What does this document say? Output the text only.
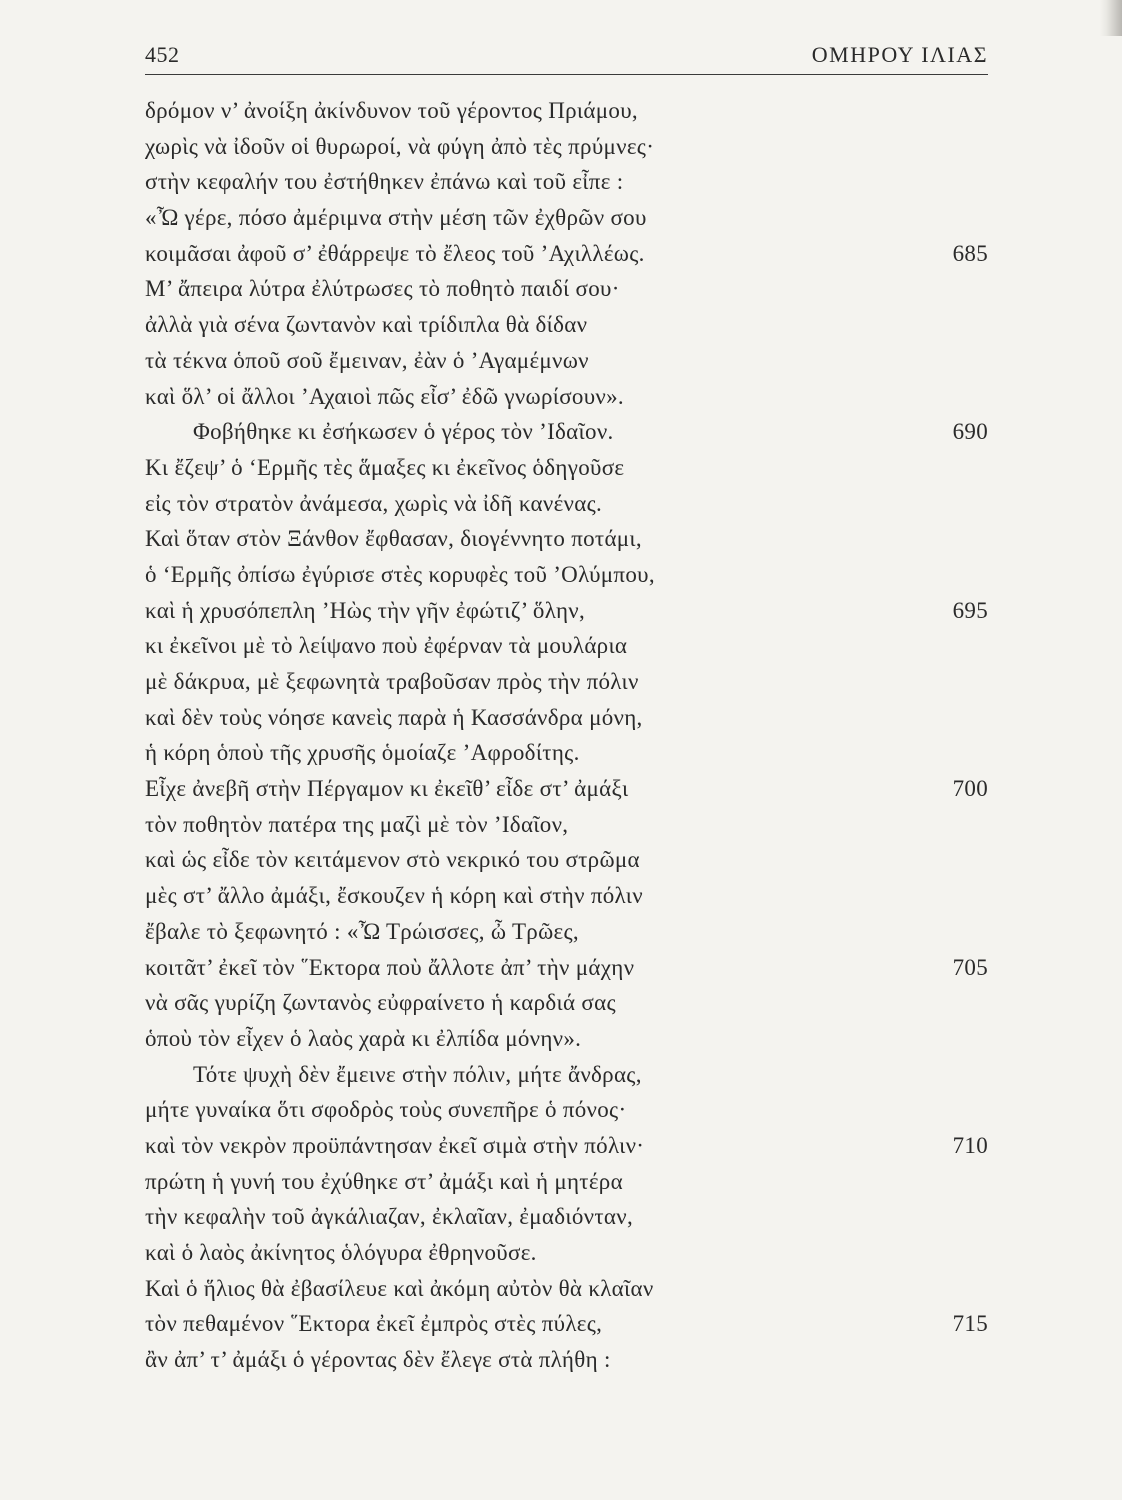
452	ΟΜΗΡΟΥ ΙΛΙΑΣ
δρόμον ν’ ἀνοίξη ἀκίνδυνον τοῦ γέροντος Πριάμου,
χωρὶς νὰ ἰδοῦν οἱ θυρωροί, νὰ φύγη ἀπὸ τὲς πρύμνες·
στὴν κεφαλήν του ἐστήθηκεν ἐπάνω καὶ τοῦ εἶπε :
«Ὦ γέρε, πόσο ἀμέριμνα στὴν μέση τῶν ἐχθρῶν σου
κοιμᾶσαι ἀφοῦ σ’ ἐθάρρεψε τὸ ἔλεος τοῦ ’Αχιλλέως.	685
Μ’ ἄπειρα λύτρα ἐλύτρωσες τὸ ποθητὸ παιδί σου·
ἀλλὰ γιὰ σένα ζωντανὸν καὶ τρίδιπλα θὰ δίδαν
τὰ τέκνα ὁποῦ σοῦ ἔμειναν, ἐὰν ὁ ’Αγαμέμνων
καὶ ὅλ’ οἱ ἄλλοι ’Αχαιοὶ πῶς εἶσ’ ἐδῶ γνωρίσουν».
Φοβήθηκε κι ἐσήκωσεν ὁ γέρος τὸν ’Ιδαῖον.	690
Κι ἔζεψ’ ὁ ‘Ερμῆς τὲς ἅμαξες κι ἐκεῖνος ὁδηγοῦσε
εἰς τὸν στρατὸν ἀνάμεσα, χωρὶς νὰ ἰδῆ κανένας.
Καὶ ὅταν στὸν Ξάνθον ἔφθασαν, διογέννητο ποτάμι,
ὁ ‘Ερμῆς ὀπίσω ἐγύρισε στὲς κορυφὲς τοῦ ’Ολύμπου,
καὶ ἡ χρυσόπεπλη ’Ηὼς τὴν γῆν ἐφώτιζ’ ὅλην,	695
κι ἐκεῖνοι μὲ τὸ λείψανο ποὺ ἐφέρναν τὰ μουλάρια
μὲ δάκρυα, μὲ ξεφωνητὰ τραβοῦσαν πρὸς τὴν πόλιν
καὶ δὲν τοὺς νόησε κανεὶς παρὰ ἡ Κασσάνδρα μόνη,
ἡ κόρη ὁποὺ τῆς χρυσῆς ὁμοίαζε ’Αφροδίτης.
Εἶχε ἀνεβῆ στὴν Πέργαμον κι ἐκεῖθ’ εἶδε στ’ ἀμάξι	700
τὸν ποθητὸν πατέρα της μαζὶ μὲ τὸν ’Ιδαῖον,
καὶ ὡς εἶδε τὸν κειτάμενον στὸ νεκρικό του στρῶμα
μὲς στ’ ἄλλο ἀμάξι, ἔσκουζεν ἡ κόρη καὶ στὴν πόλιν
ἔβαλε τὸ ξεφωνητό : «Ὦ Τρώισσες, ὦ Τρῶες,
κοιτᾶτ’ ἐκεῖ τὸν ῞Εκτορα ποὺ ἄλλοτε ἀπ’ τὴν μάχην	705
νὰ σᾶς γυρίζη ζωντανὸς εὐφραίνετο ἡ καρδιά σας
ὁποὺ τὸν εἶχεν ὁ λαὸς χαρὰ κι ἐλπίδα μόνην».
Τότε ψυχὴ δὲν ἔμεινε στὴν πόλιν, μήτε ἄνδρας,
μήτε γυναίκα ὅτι σφοδρὸς τοὺς συνεπῆρε ὁ πόνος·
καὶ τὸν νεκρὸν προϋπάντησαν ἐκεῖ σιμὰ στὴν πόλιν·	710
πρώτη ἡ γυνή του ἐχύθηκε στ’ ἀμάξι καὶ ἡ μητέρα
τὴν κεφαλὴν τοῦ ἀγκάλιαζαν, ἐκλαῖαν, ἐμαδιόνταν,
καὶ ὁ λαὸς ἀκίνητος ὁλόγυρα ἐθρηνοῦσε.
Καὶ ὁ ἥλιος θὰ ἐβασίλευε καὶ ἀκόμη αὐτὸν θὰ κλαῖαν
τὸν πεθαμένον ῞Εκτορα ἐκεῖ ἐμπρὸς στὲς πύλες,	715
ἂν ἀπ’ τ’ ἀμάξι ὁ γέροντας δὲν ἔλεγε στὰ πλήθη :
